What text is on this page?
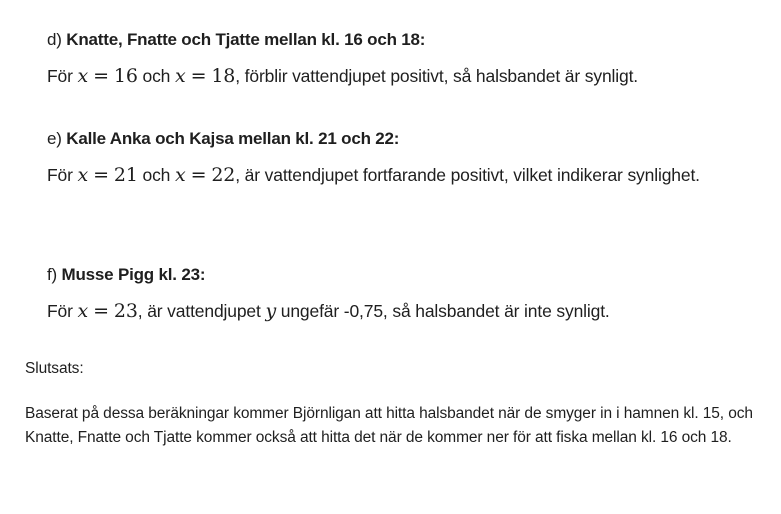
d) Knatte, Fnatte och Tjatte mellan kl. 16 och 18:
För x = 16 och x = 18, förblir vattendjupet positivt, så halsbandet är synligt.
e) Kalle Anka och Kajsa mellan kl. 21 och 22:
För x = 21 och x = 22, är vattendjupet fortfarande positivt, vilket indikerar synlighet.
f) Musse Pigg kl. 23:
För x = 23, är vattendjupet y ungefär -0,75, så halsbandet är inte synligt.
Slutsats:
Baserat på dessa beräkningar kommer Björnligan att hitta halsbandet när de smyger in i hamnen kl. 15, och Knatte, Fnatte och Tjatte kommer också att hitta det när de kommer ner för att fiska mellan kl. 16 och 18.
